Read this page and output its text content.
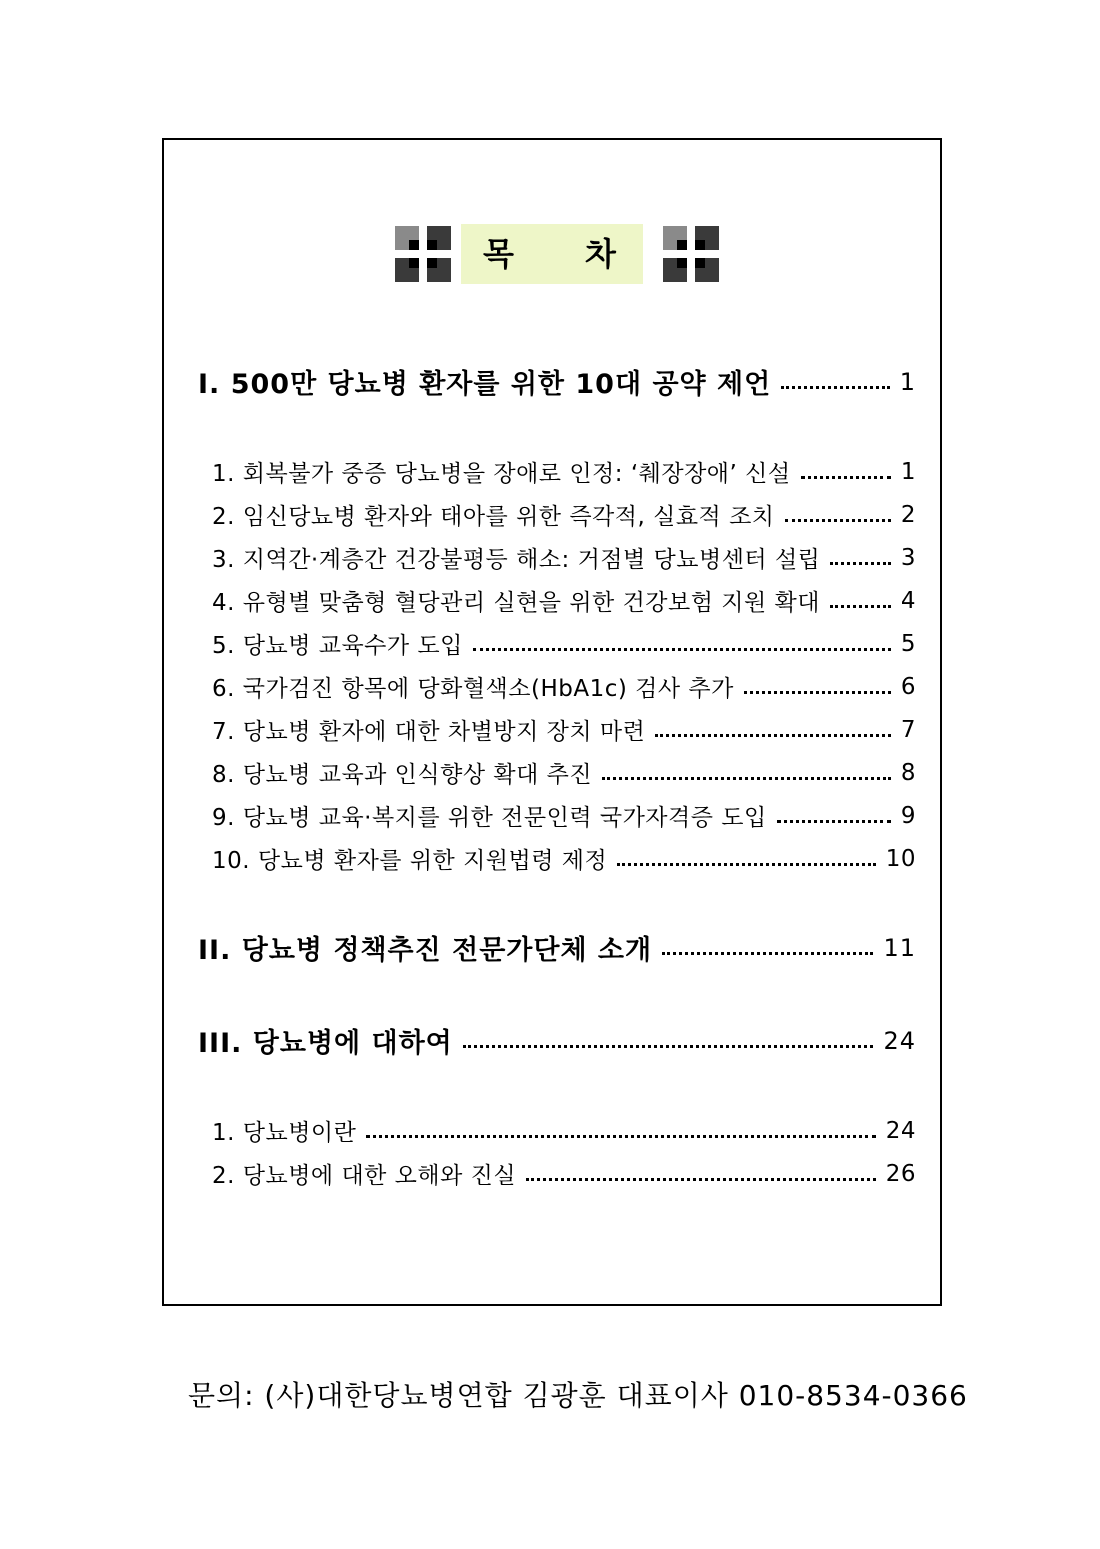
목 차
I. 500만 당뇨병 환자를 위한 10대 공약 제언	1
1. 회복불가 중증 당뇨병을 장애로 인정: ‘췌장장애’ 신설	1
2. 임신당뇨병 환자와 태아를 위한 즉각적, 실효적 조치	2
3. 지역간·계층간 건강불평등 해소: 거점별 당뇨병센터 설립	3
4. 유형별 맞춤형 혈당관리 실현을 위한 건강보험 지원 확대	4
5. 당뇨병 교육수가 도입	5
6. 국가검진 항목에 당화혈색소(HbA1c) 검사 추가	6
7. 당뇨병 환자에 대한 차별방지 장치 마련	7
8. 당뇨병 교육과 인식향상 확대 추진	8
9. 당뇨병 교육·복지를 위한 전문인력 국가자격증 도입	9
10. 당뇨병 환자를 위한 지원법령 제정	10
II. 당뇨병 정책추진 전문가단체 소개	11
III. 당뇨병에 대하여	24
1. 당뇨병이란	24
2. 당뇨병에 대한 오해와 진실	26
문의: (사)대한당뇨병연합 김광훈 대표이사 010-8534-0366
